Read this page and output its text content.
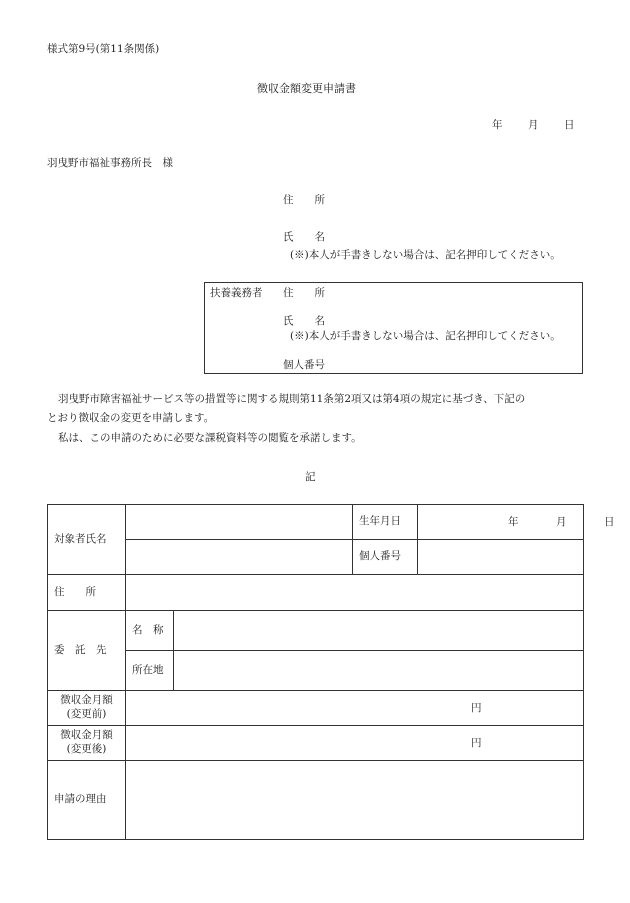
様式第9号(第11条関係)
徴収金額変更申請書
年 月 日
羽曳野市福祉事務所長　様
住　　所
氏　　名
(※)本人が手書きしない場合は、記名押印してください。
扶養義務者 住　　所
氏　　名
(※)本人が手書きしない場合は、記名押印してください。
個人番号
羽曳野市障害福祉サービス等の措置等に関する規則第11条第2項又は第4項の規定に基づき、下記の
とおり徴収金の変更を申請します。
私は、この申請のために必要な課税資料等の閲覧を承諾します。
記
対象者氏名			生年月日	年 月 日

			個人番号	
住　　所				
委　託　先	名　称			
	所在地			

徴収金月額
(変更前)	円			

徴収金月額
(変更後)	円			

申請の理由				
